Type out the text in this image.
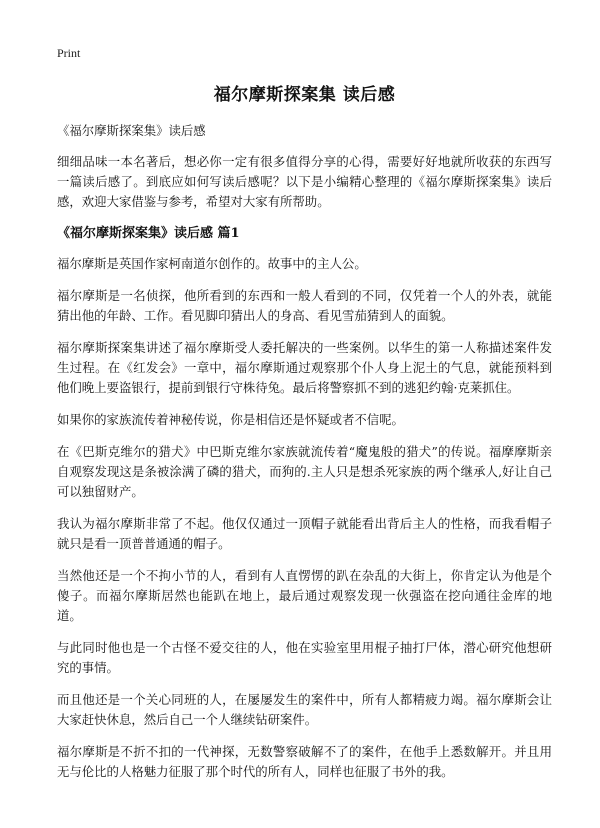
Print
福尔摩斯探案集 读后感

《福尔摩斯探案集》读后感

细细品味一本名著后，想必你一定有很多值得分享的心得，需要好好地就所收获的东西写一篇读后感了。到底应如何写读后感呢？以下是小编精心整理的《福尔摩斯探案集》读后感，欢迎大家借鉴与参考，希望对大家有所帮助。

《福尔摩斯探案集》读后感 篇1

福尔摩斯是英国作家柯南道尔创作的。故事中的主人公。

福尔摩斯是一名侦探，他所看到的东西和一般人看到的不同，仅凭着一个人的外表，就能猜出他的年龄、工作。看见脚印猜出人的身高、看见雪茄猜到人的面貌。

福尔摩斯探案集讲述了福尔摩斯受人委托解决的一些案例。以华生的第一人称描述案件发生过程。在《红发会》一章中，福尔摩斯通过观察那个仆人身上泥土的气息，就能预料到他们晚上要盗银行，提前到银行守株待兔。最后将警察抓不到的逃犯约翰·克莱抓住。

如果你的家族流传着神秘传说，你是相信还是怀疑或者不信呢。

在《巴斯克维尔的猎犬》中巴斯克维尔家族就流传着“魔鬼般的猎犬”的传说。福摩摩斯亲自观察发现这是条被涂满了磷的猎犬，而狗的.主人只是想杀死家族的两个继承人,好让自己可以独留财产。

我认为福尔摩斯非常了不起。他仅仅通过一顶帽子就能看出背后主人的性格，而我看帽子就只是看一顶普普通通的帽子。

当然他还是一个不拘小节的人，看到有人直愣愣的趴在杂乱的大街上，你肯定认为他是个傻子。而福尔摩斯居然也能趴在地上，最后通过观察发现一伙强盗在挖向通往金库的地道。

与此同时他也是一个古怪不爱交往的人，他在实验室里用棍子抽打尸体，潜心研究他想研究的事情。

而且他还是一个关心同班的人，在屡屡发生的案件中，所有人都精疲力竭。福尔摩斯会让大家赶快休息，然后自己一个人继续钻研案件。

福尔摩斯是不折不扣的一代神探，无数警察破解不了的案件，在他手上悉数解开。并且用无与伦比的人格魅力征服了那个时代的所有人，同样也征服了书外的我。
